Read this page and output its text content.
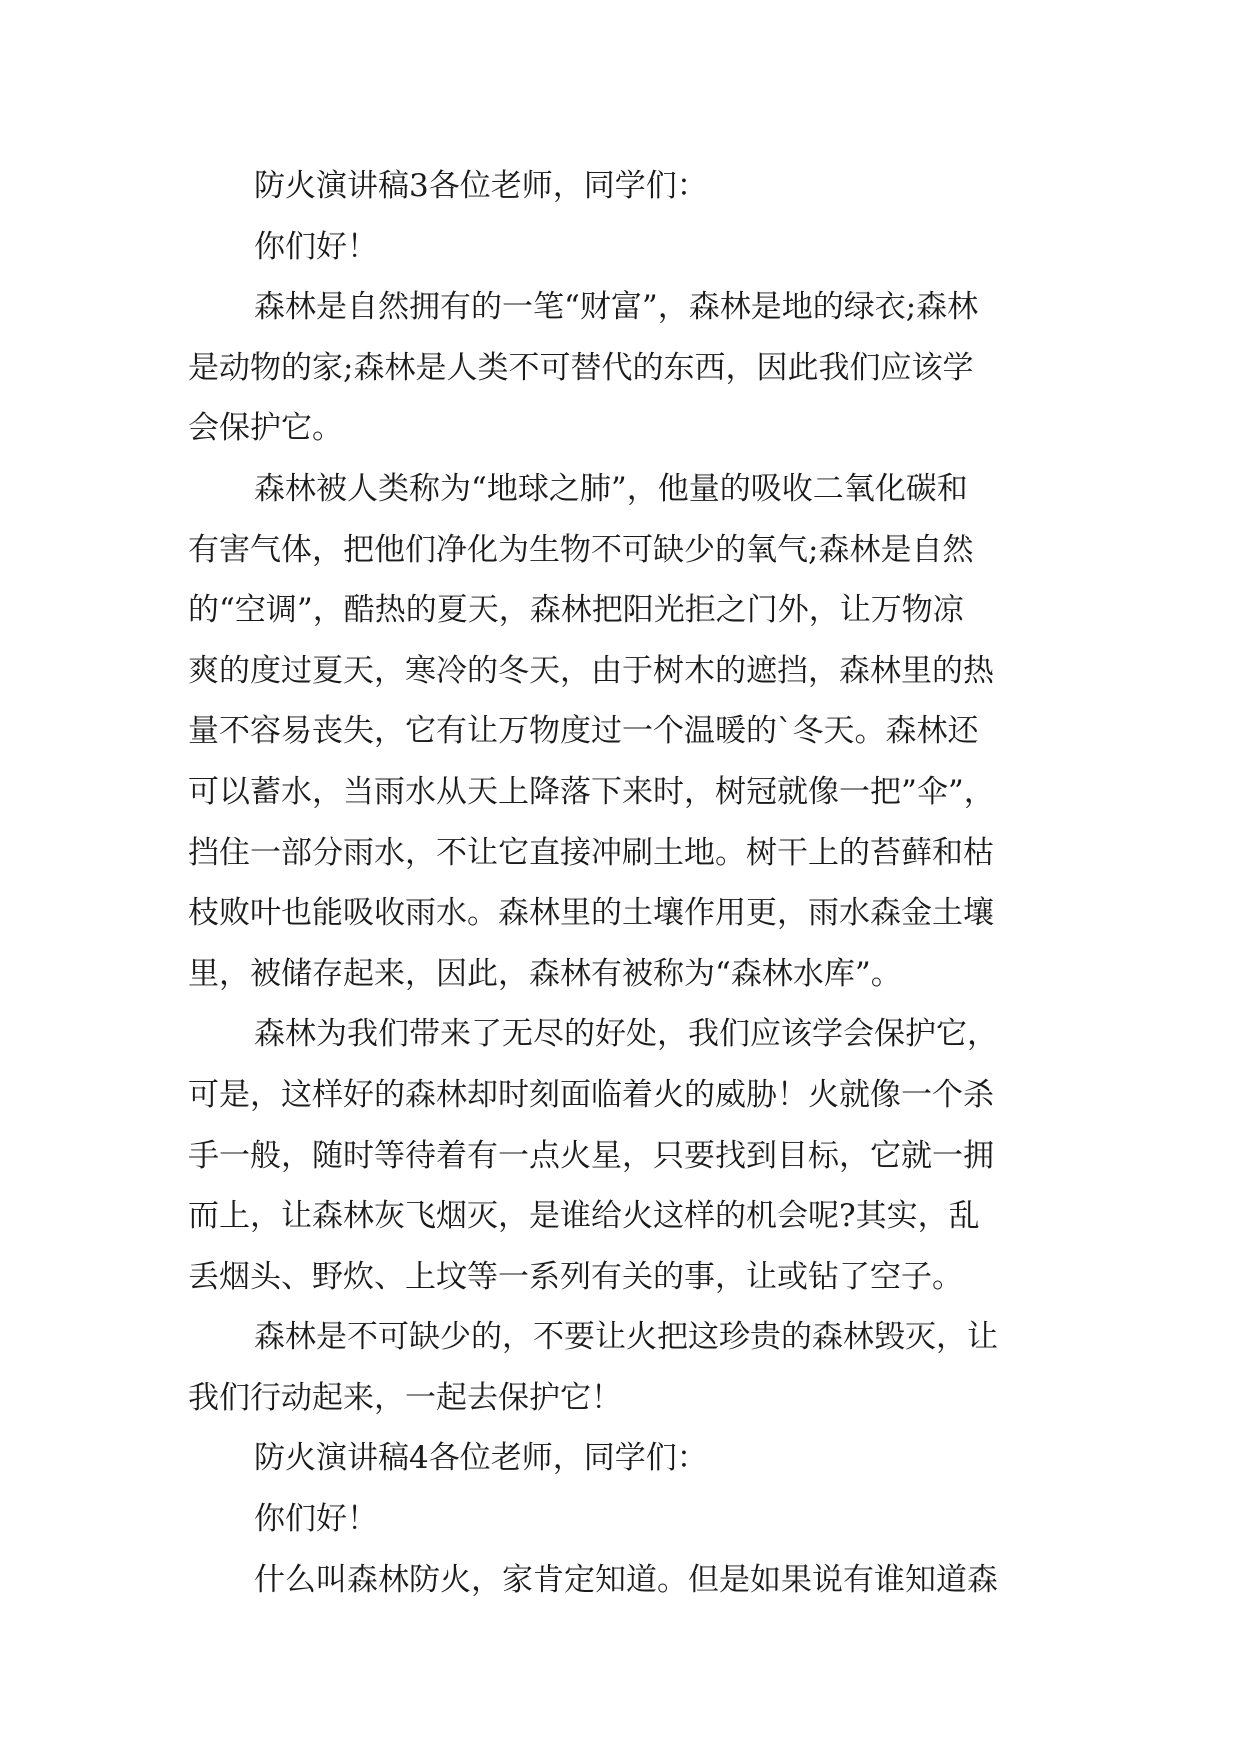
防火演讲稿3各位老师，同学们：
你们好！
森林是自然拥有的一笔“财富”，森林是地的绿衣;森林
是动物的家;森林是人类不可替代的东西，因此我们应该学
会保护它。
森林被人类称为“地球之肺”，他量的吸收二氧化碳和
有害气体，把他们净化为生物不可缺少的氧气;森林是自然
的“空调”，酷热的夏天，森林把阳光拒之门外，让万物凉
爽的度过夏天，寒冷的冬天，由于树木的遮挡，森林里的热
量不容易丧失，它有让万物度过一个温暖的`冬天。森林还
可以蓄水，当雨水从天上降落下来时，树冠就像一把”伞”，
挡住一部分雨水，不让它直接冲刷土地。树干上的苔藓和枯
枝败叶也能吸收雨水。森林里的土壤作用更，雨水森金土壤
里，被储存起来，因此，森林有被称为“森林水库”。
森林为我们带来了无尽的好处，我们应该学会保护它，
可是，这样好的森林却时刻面临着火的威胁！火就像一个杀
手一般，随时等待着有一点火星，只要找到目标，它就一拥
而上，让森林灰飞烟灭，是谁给火这样的机会呢?其实，乱
丢烟头、野炊、上坟等一系列有关的事，让或钻了空子。
森林是不可缺少的，不要让火把这珍贵的森林毁灭，让
我们行动起来，一起去保护它！
防火演讲稿4各位老师，同学们：
你们好！
什么叫森林防火，家肯定知道。但是如果说有谁知道森
